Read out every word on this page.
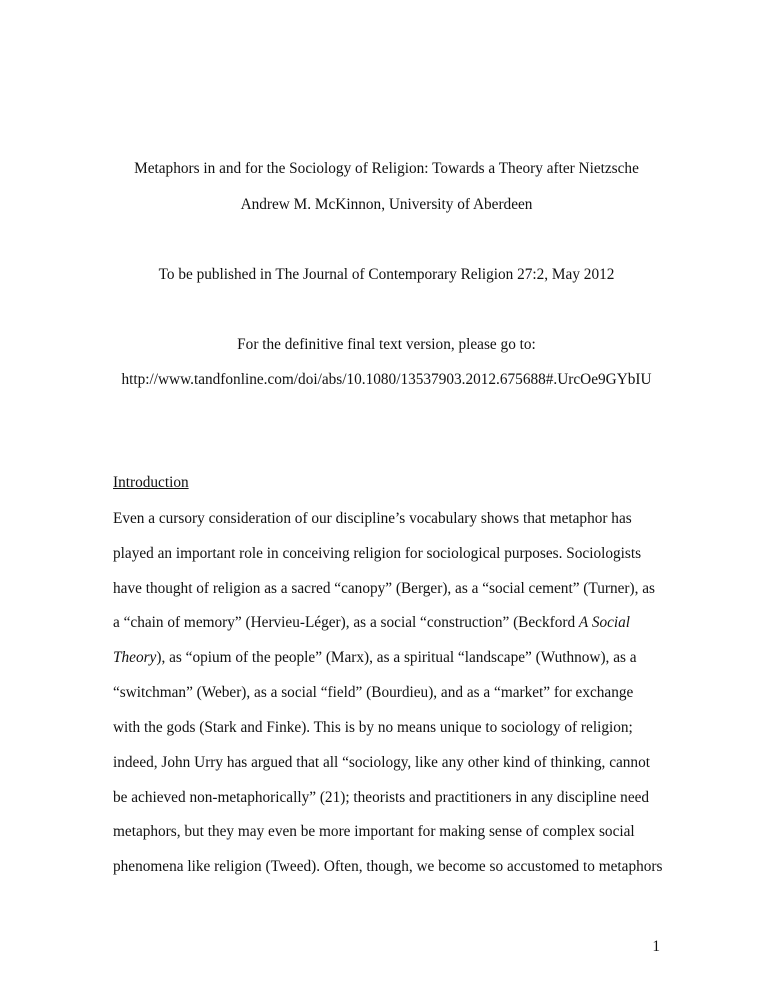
Metaphors in and for the Sociology of Religion: Towards a Theory after Nietzsche
Andrew M. McKinnon, University of Aberdeen
To be published in The Journal of Contemporary Religion 27:2, May 2012
For the definitive final text version, please go to:
http://www.tandfonline.com/doi/abs/10.1080/13537903.2012.675688#.UrcOe9GYbIU
Introduction
Even a cursory consideration of our discipline’s vocabulary shows that metaphor has
played an important role in conceiving religion for sociological purposes. Sociologists
have thought of religion as a sacred “canopy” (Berger), as a “social cement” (Turner), as
a “chain of memory” (Hervieu-Léger), as a social “construction” (Beckford A Social
Theory), as “opium of the people” (Marx), as a spiritual “landscape” (Wuthnow), as a
“switchman” (Weber), as a social “field” (Bourdieu), and as a “market” for exchange
with the gods (Stark and Finke). This is by no means unique to sociology of religion;
indeed, John Urry has argued that all “sociology, like any other kind of thinking, cannot
be achieved non-metaphorically” (21); theorists and practitioners in any discipline need
metaphors, but they may even be more important for making sense of complex social
phenomena like religion (Tweed). Often, though, we become so accustomed to metaphors
1
